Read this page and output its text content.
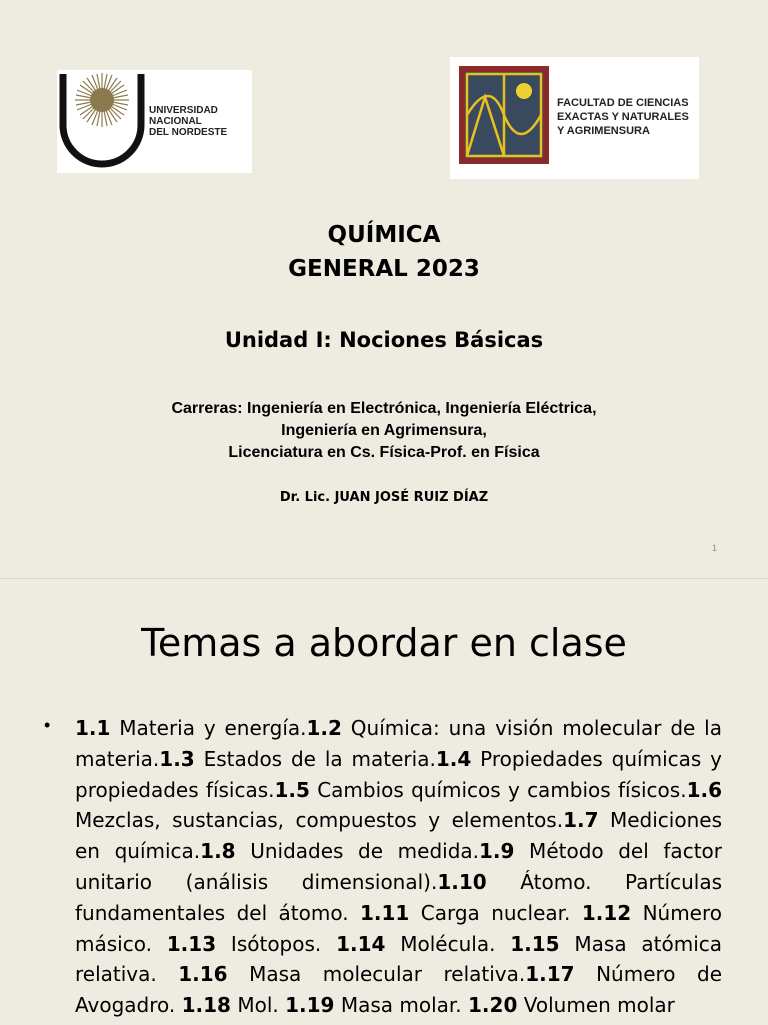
UNIVERSIDAD
NACIONAL
DEL NORDESTE
FACULTAD DE CIENCIAS
EXACTAS Y NATURALES
Y AGRIMENSURA
QUÍMICA
GENERAL 2023
Unidad I: Nociones Básicas
Carreras: Ingeniería en Electrónica, Ingeniería Eléctrica,
Ingeniería en Agrimensura,
Licenciatura en Cs. Física-Prof. en Física
Dr. Lic. JUAN JOSÉ RUIZ DÍAZ
1
Temas a abordar en clase
• 1.1 Materia y energía.1.2 Química: una visión molecular de la materia.1.3 Estados de la materia.1.4 Propiedades químicas y propiedades físicas.1.5 Cambios químicos y cambios físicos.1.6 Mezclas, sustancias, compuestos y elementos.1.7 Mediciones en química.1.8 Unidades de medida.1.9 Método del factor unitario (análisis dimensional).1.10 Átomo. Partículas fundamentales del átomo. 1.11 Carga nuclear. 1.12 Número másico. 1.13 Isótopos. 1.14 Molécula. 1.15 Masa atómica relativa. 1.16 Masa molecular relativa.1.17 Número de Avogadro. 1.18 Mol. 1.19 Masa molar. 1.20 Volumen molar
